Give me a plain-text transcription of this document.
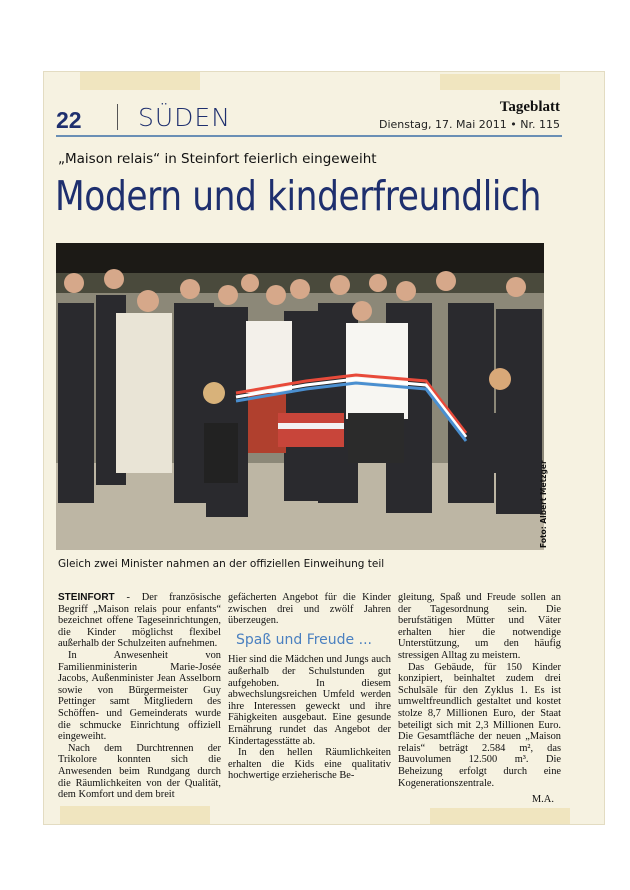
22 SÜDEN	Tageblatt
Dienstag, 17. Mai 2011 • Nr. 115
„Maison relais“ in Steinfort feierlich eingeweiht
Modern und kinderfreundlich
Foto: Albert Metzger
Gleich zwei Minister nahmen an der offiziellen Einweihung teil

STEINFORT - Der französische Begriff „Maison relais pour enfants“ bezeichnet offene Tageseinrichtungen, die Kinder möglichst flexibel außerhalb der Schulzeiten aufnehmen.

In Anwesenheit von Familienministerin Marie-Josée Jacobs, Außenminister Jean Asselborn sowie von Bürgermeister Guy Pettinger samt Mitgliedern des Schöffen- und Gemeinderats wurde die schmucke Einrichtung offiziell eingeweiht.

Nach dem Durchtrennen der Trikolore konnten sich die Anwesenden beim Rundgang durch die Räumlichkeiten von der Qualität, dem Komfort und dem breit

gefächerten Angebot für die Kinder zwischen drei und zwölf Jahren überzeugen.

Spaß und Freude ...

Hier sind die Mädchen und Jungs auch außerhalb der Schulstunden gut aufgehoben. In diesem abwechslungsreichen Umfeld werden ihre Interessen geweckt und ihre Fähigkeiten ausgebaut. Eine gesunde Ernährung rundet das Angebot der Kindertagesstätte ab.

In den hellen Räumlichkeiten erhalten die Kids eine qualitativ hochwertige erzieherische Be-

gleitung, Spaß und Freude sollen an der Tagesordnung sein. Die berufstätigen Mütter und Väter erhalten hier die notwendige Unterstützung, um den häufig stressigen Alltag zu meistern.

Das Gebäude, für 150 Kinder konzipiert, beinhaltet zudem drei Schulsäle für den Zyklus 1. Es ist umweltfreundlich gestaltet und kostet stolze 8,7 Millionen Euro, der Staat beteiligt sich mit 2,3 Millionen Euro. Die Gesamtfläche der neuen „Maison relais“ beträgt 2.584 m², das Bauvolumen 12.500 m³. Die Beheizung erfolgt durch eine Kogenerationszentrale.

M.A.
